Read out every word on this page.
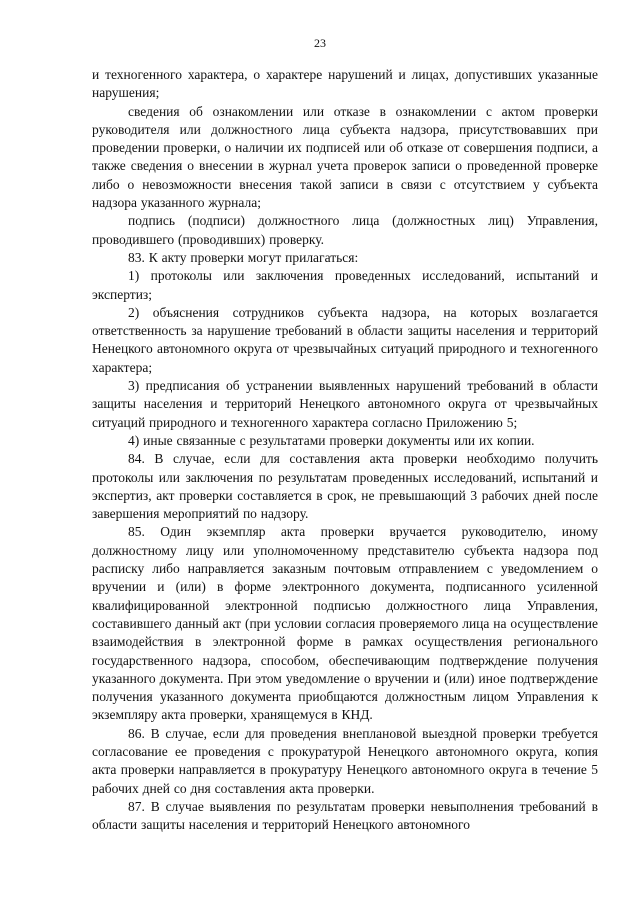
23

и техногенного характера, о характере нарушений и лицах, допустивших указанные нарушения;

сведения об ознакомлении или отказе в ознакомлении с актом проверки руководителя или должностного лица субъекта надзора, присутствовавших при проведении проверки, о наличии их подписей или об отказе от совершения подписи, а также сведения о внесении в журнал учета проверок записи о проведенной проверке либо о невозможности внесения такой записи в связи с отсутствием у субъекта надзора указанного журнала;

подпись (подписи) должностного лица (должностных лиц) Управления, проводившего (проводивших) проверку.

83. К акту проверки могут прилагаться:

1) протоколы или заключения проведенных исследований, испытаний и экспертиз;

2) объяснения сотрудников субъекта надзора, на которых возлагается ответственность за нарушение требований в области защиты населения и территорий Ненецкого автономного округа от чрезвычайных ситуаций природного и техногенного характера;

3) предписания об устранении выявленных нарушений требований в области защиты населения и территорий Ненецкого автономного округа от чрезвычайных ситуаций природного и техногенного характера согласно Приложению 5;

4) иные связанные с результатами проверки документы или их копии.

84. В случае, если для составления акта проверки необходимо получить протоколы или заключения по результатам проведенных исследований, испытаний и экспертиз, акт проверки составляется в срок, не превышающий 3 рабочих дней после завершения мероприятий по надзору.

85. Один экземпляр акта проверки вручается руководителю, иному должностному лицу или уполномоченному представителю субъекта надзора под расписку либо направляется заказным почтовым отправлением с уведомлением о вручении и (или) в форме электронного документа, подписанного усиленной квалифицированной электронной подписью должностного лица Управления, составившего данный акт (при условии согласия проверяемого лица на осуществление взаимодействия в электронной форме в рамках осуществления регионального государственного надзора, способом, обеспечивающим подтверждение получения указанного документа. При этом уведомление о вручении и (или) иное подтверждение получения указанного документа приобщаются должностным лицом Управления к экземпляру акта проверки, хранящемуся в КНД.

86. В случае, если для проведения внеплановой выездной проверки требуется согласование ее проведения с прокуратурой Ненецкого автономного округа, копия акта проверки направляется в прокуратуру Ненецкого автономного округа в течение 5 рабочих дней со дня составления акта проверки.

87. В случае выявления по результатам проверки невыполнения требований в области защиты населения и территорий Ненецкого автономного
